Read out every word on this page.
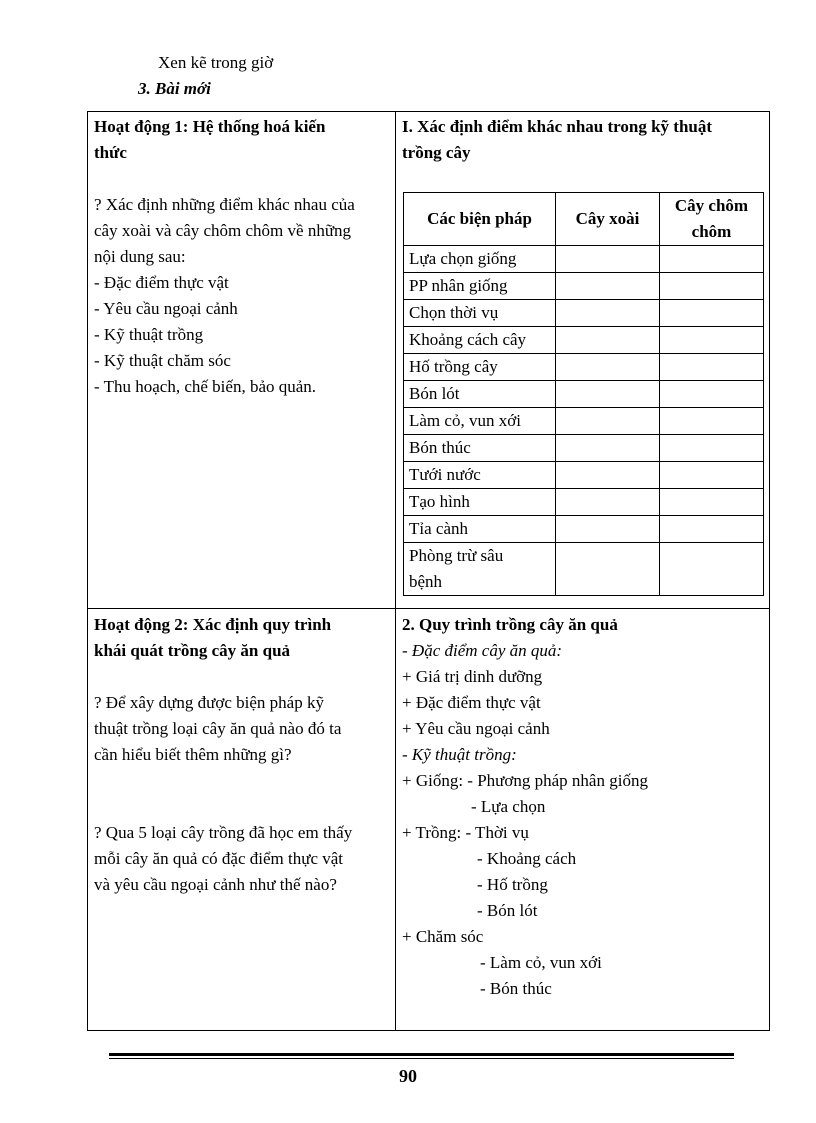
Xen kẽ trong giờ
3. Bài mới
Hoạt động 1: Hệ thống hoá kiến
thức
? Xác định những điểm khác nhau của
cây xoài và cây chôm chôm về những
nội dung sau:
- Đặc điểm thực vật
- Yêu cầu ngoại cảnh
- Kỹ thuật trồng
- Kỹ thuật chăm sóc
- Thu hoạch, chế biến, bảo quản.
I. Xác định điểm khác nhau trong kỹ thuật
trồng cây
Các biện pháp	Cây xoài	Cây chôm chôm
Lựa chọn giống		
PP nhân giống		
Chọn thời vụ		
Khoảng cách cây		
Hố trồng cây		
Bón lót		
Làm cỏ, vun xới		
Bón thúc		
Tưới nước		
Tạo hình		
Tỉa cành		

Phòng trừ sâu
bệnh		

Hoạt động 2: Xác định quy trình
khái quát trồng cây ăn quả
? Để xây dựng được biện pháp kỹ
thuật trồng loại cây ăn quả nào đó ta
cần hiểu biết thêm những gì?
? Qua 5 loại cây trồng đã học em thấy
mỗi cây ăn quả có đặc điểm thực vật
và yêu cầu ngoại cảnh như thế nào?
2. Quy trình trồng cây ăn quả
- Đặc điểm cây ăn quả:
+ Giá trị dinh dưỡng
+ Đặc điểm thực vật
+ Yêu cầu ngoại cảnh
- Kỹ thuật trồng:
+ Giống: - Phương pháp nhân giống
- Lựa chọn
+ Trồng: - Thời vụ
- Khoảng cách
- Hố trồng
- Bón lót
+ Chăm sóc
- Làm cỏ, vun xới
- Bón thúc
90
